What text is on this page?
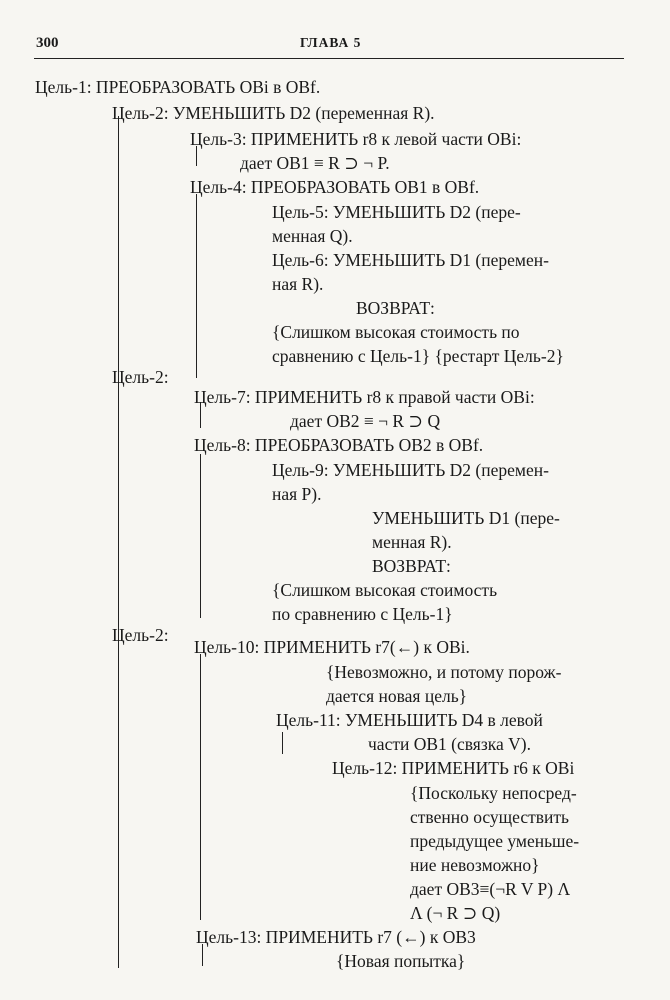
300	ГЛАВА 5
Цель-1: ПРЕОБРАЗОВАТЬ OBi в OBf.
Цель-2: УМЕНЬШИТЬ D2 (переменная R).
Цель-3: ПРИМЕНИТЬ r8 к левой части OBi:
дает OB1 ≡ R ⊃ ¬ P.
Цель-4: ПРЕОБРАЗОВАТЬ OB1 в OBf.
Цель-5: УМЕНЬШИТЬ D2 (пере-
менная Q).
Цель-6: УМЕНЬШИТЬ D1 (перемен-
ная R).
ВОЗВРАТ:
{Слишком высокая стоимость по
сравнению с Цель-1} {рестарт Цель-2}
Цель-2:
Цель-7: ПРИМЕНИТЬ r8 к правой части OBi:
дает OB2 ≡ ¬ R ⊃ Q
Цель-8: ПРЕОБРАЗОВАТЬ OB2 в OBf.
Цель-9: УМЕНЬШИТЬ D2 (перемен-
ная P).
УМЕНЬШИТЬ D1 (пере-
менная R).
ВОЗВРАТ:
{Слишком высокая стоимость
по сравнению с Цель-1}
Цель-2:
Цель-10: ПРИМЕНИТЬ r7(←) к OBi.
{Невозможно, и потому порож-
дается новая цель}
Цель-11: УМЕНЬШИТЬ D4 в левой
части OB1 (связка V).
Цель-12: ПРИМЕНИТЬ r6 к OBi
{Поскольку непосред-
ственно осуществить
предыдущее уменьше-
ние невозможно}
дает OB3≡(¬R V P) Λ
Λ (¬ R ⊃ Q)
Цель-13: ПРИМЕНИТЬ r7 (←) к OB3
{Новая попытка}
